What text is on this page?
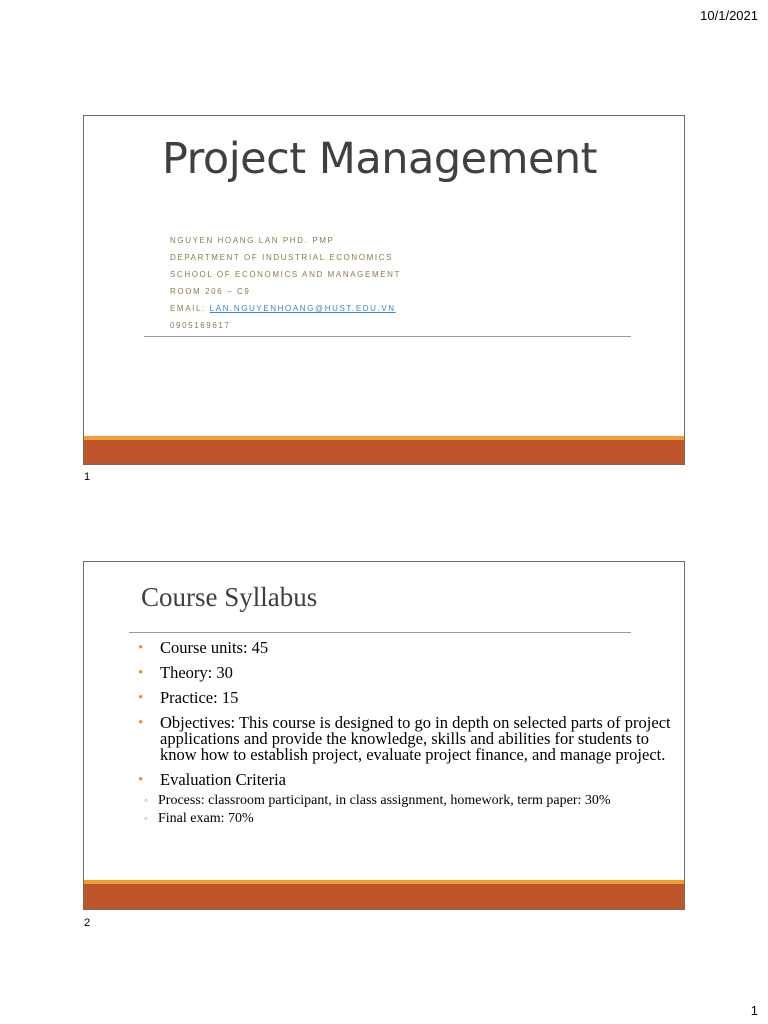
10/1/2021
Project Management
NGUYEN HOANG LAN PHD. PMP
DEPARTMENT OF INDUSTRIAL ECONOMICS
SCHOOL OF ECONOMICS AND MANAGEMENT
ROOM 206 – C9
EMAIL: LAN.NGUYENHOANG@HUST.EDU.VN
0905169617
1
Course Syllabus
• Course units: 45
• Theory: 30
• Practice: 15
• Objectives: This course is designed to go in depth on selected parts of project applications and provide the knowledge, skills and abilities for students to know how to establish project, evaluate project finance, and manage project.
• Evaluation Criteria
◦ Process: classroom participant, in class assignment, homework, term paper: 30%
◦ Final exam: 70%
2
1
